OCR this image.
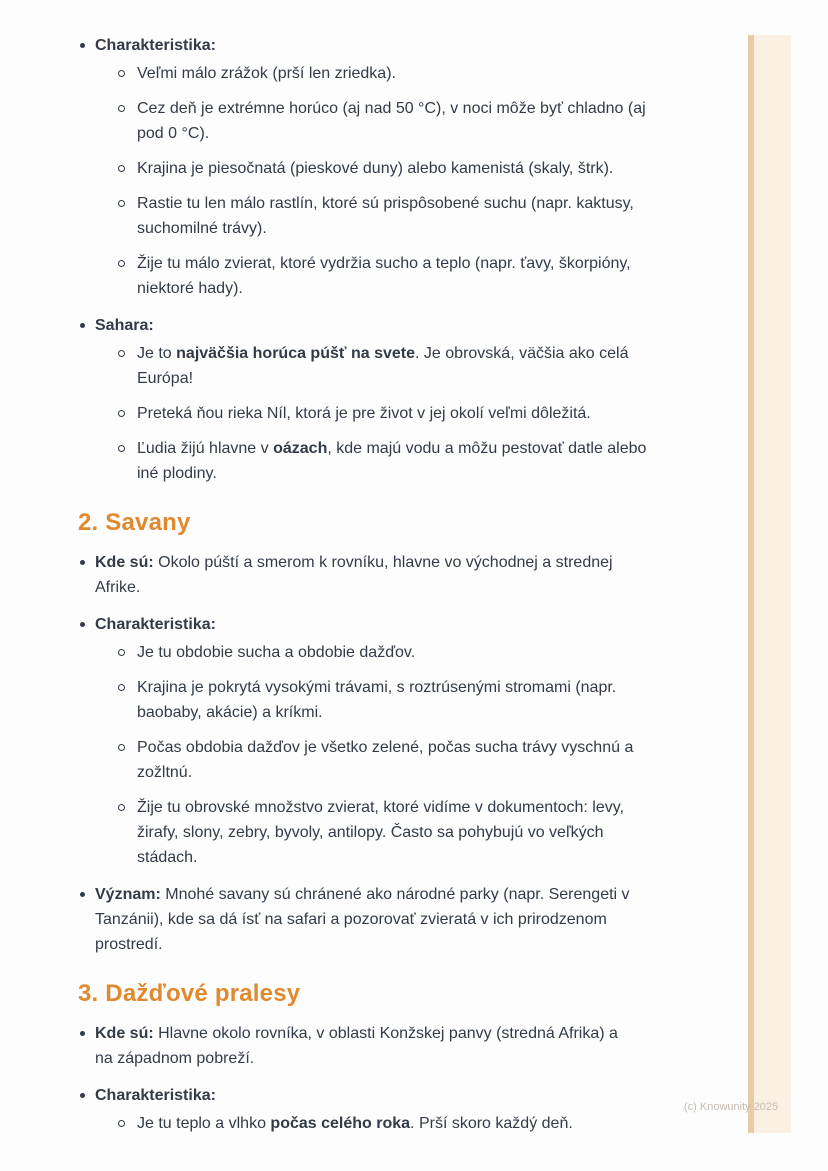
Charakteristika:
Veľmi málo zrážok (prší len zriedka).
Cez deň je extrémne horúco (aj nad 50 °C), v noci môže byť chladno (aj
pod 0 °C).
Krajina je piesočnatá (pieskové duny) alebo kamenistá (skaly, štrk).
Rastie tu len málo rastlín, ktoré sú prispôsobené suchu (napr. kaktusy,
suchomilné trávy).
Žije tu málo zvierat, ktoré vydržia sucho a teplo (napr. ťavy, škorpióny,
niektoré hady).
Sahara:
Je to najväčšia horúca púšť na svete. Je obrovská, väčšia ako celá
Európa!
Preteká ňou rieka Níl, ktorá je pre život v jej okolí veľmi dôležitá.
Ľudia žijú hlavne v oázach, kde majú vodu a môžu pestovať datle alebo
iné plodiny.
2. Savany
Kde sú: Okolo púští a smerom k rovníku, hlavne vo východnej a strednej
Afrike.
Charakteristika:
Je tu obdobie sucha a obdobie dažďov.
Krajina je pokrytá vysokými trávami, s roztrúsenými stromami (napr.
baobaby, akácie) a kríkmi.
Počas obdobia dažďov je všetko zelené, počas sucha trávy vyschnú a
zožltnú.
Žije tu obrovské množstvo zvierat, ktoré vidíme v dokumentoch: levy,
žirafy, slony, zebry, byvoly, antilopy. Často sa pohybujú vo veľkých
stádach.
Význam: Mnohé savany sú chránené ako národné parky (napr. Serengeti v
Tanzánii), kde sa dá ísť na safari a pozorovať zvieratá v ich prirodzenom
prostredí.
3. Dažďové pralesy
Kde sú: Hlavne okolo rovníka, v oblasti Konžskej panvy (stredná Afrika) a
na západnom pobreží.
Charakteristika:
Je tu teplo a vlhko počas celého roka. Prší skoro každý deň.
(c) Knowunity 2025
